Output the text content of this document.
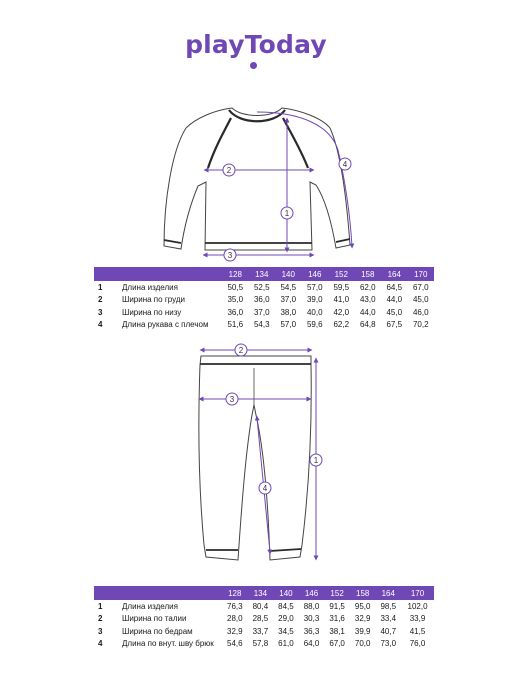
playToday
1
2
3
4
1
2
3
4
		128	134	140	146	152	158	164	170
1	Длина изделия	50,5	52,5	54,5	57,0	59,5	62,0	64,5	67,0
2	Ширина по груди	35,0	36,0	37,0	39,0	41,0	43,0	44,0	45,0
3	Ширина по низу	36,0	37,0	38,0	40,0	42,0	44,0	45,0	46,0
4	Длина рукава с плечом	51,6	54,3	57,0	59,6	62,2	64,8	67,5	70,2
		128	134	140	146	152	158	164	170
1	Длина изделия	76,3	80,4	84,5	88,0	91,5	95,0	98,5	102,0
2	Ширина по талии	28,0	28,5	29,0	30,3	31,6	32,9	33,4	33,9
3	Ширина по бедрам	32,9	33,7	34,5	36,3	38,1	39,9	40,7	41,5
4	Длина по внут. шву брюк	54,6	57,8	61,0	64,0	67,0	70,0	73,0	76,0
